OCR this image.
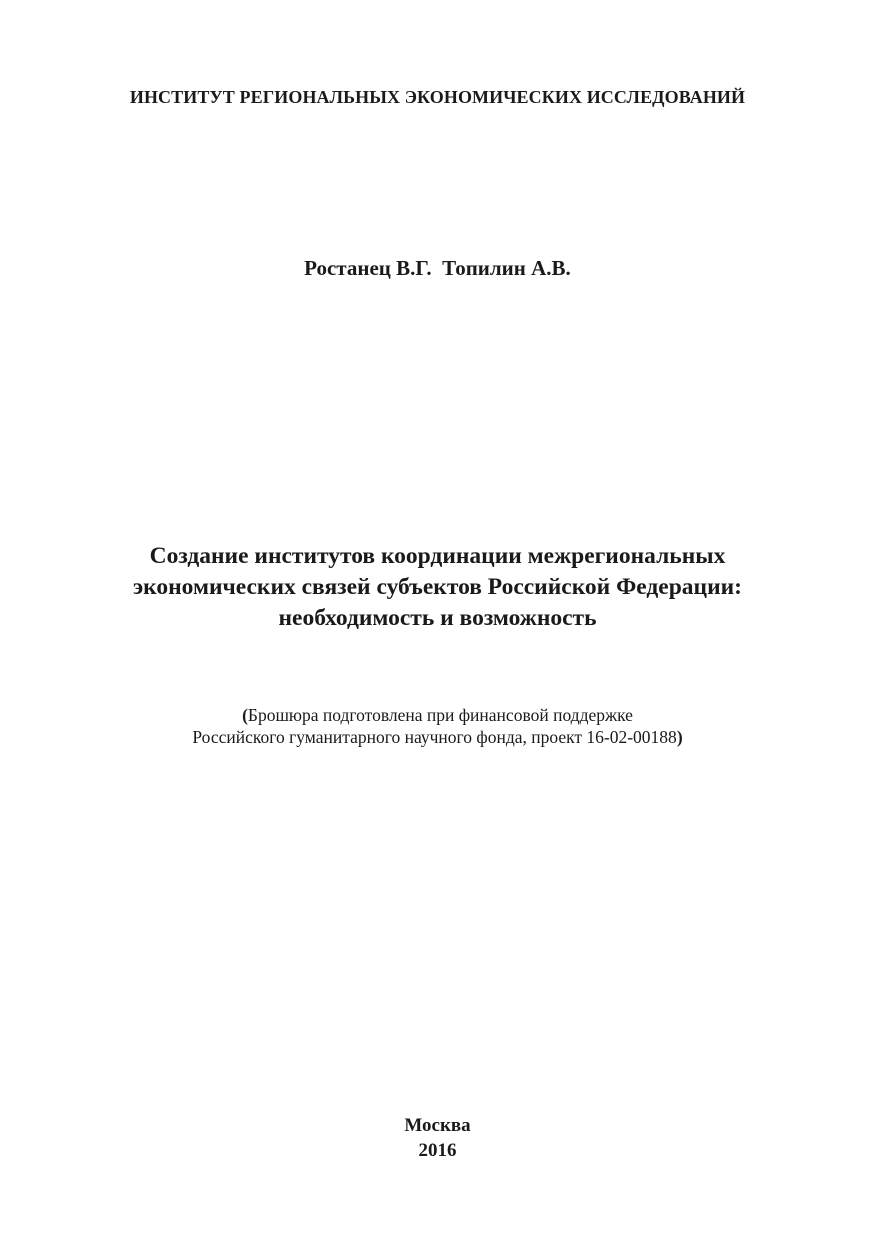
ИНСТИТУТ РЕГИОНАЛЬНЫХ ЭКОНОМИЧЕСКИХ ИССЛЕДОВАНИЙ
Ростанец В.Г.  Топилин А.В.
Создание институтов координации межрегиональных
экономических связей субъектов Российской Федерации:
необходимость и возможность
(Брошюра подготовлена при финансовой поддержке
Российского гуманитарного научного фонда, проект 16-02-00188)
Москва
2016
